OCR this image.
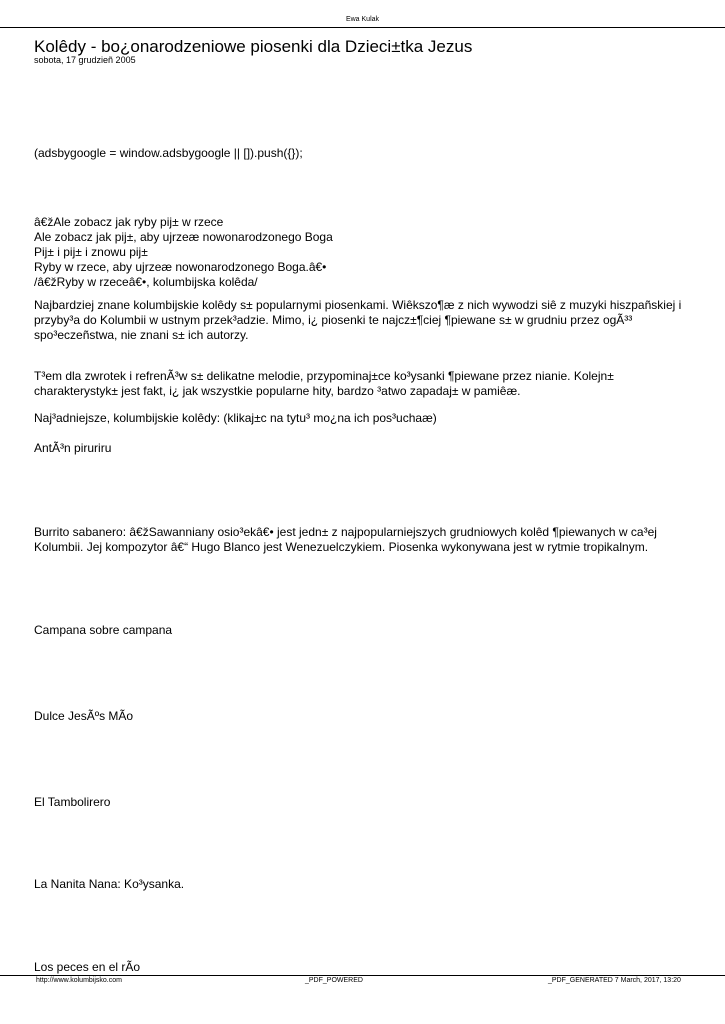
Ewa Kulak
Kolêdy - bo¿onarodzeniowe piosenki dla Dzieci±tka Jezus
sobota, 17 grudzieñ 2005
(adsbygoogle = window.adsbygoogle || []).push({});
â€žAle zobacz jak ryby pij± w rzece
Ale zobacz jak pij±, aby ujrzeæ nowonarodzonego Boga
Pij± i pij± i znowu pij±
Ryby w rzece, aby ujrzeæ nowonarodzonego Boga.â€•
/â€žRyby w rzeceâ€•, kolumbijska kolêda/
Najbardziej znane kolumbijskie kolêdy s± popularnymi piosenkami. Wiêkszo¶æ z nich wywodzi siê z muzyki hiszpañskiej i przyby³a do Kolumbii w ustnym przek³adzie. Mimo, i¿ piosenki te najcz±¶ciej ¶piewane s± w grudniu przez ogÃ³³ spo³eczeñstwa, nie znani s± ich autorzy.
T³em dla zwrotek i refrenÃ³w s± delikatne melodie, przypominaj±ce ko³ysanki ¶piewane przez nianie. Kolejn± charakterystyk± jest fakt, i¿ jak wszystkie popularne hity, bardzo ³atwo zapadaj± w pamiêæ.
Naj³adniejsze, kolumbijskie kolêdy: (klikaj±c na tytu³ mo¿na ich pos³uchaæ)
AntÃ³n piruriru
Burrito sabanero: â€žSawanniany osio³ekâ€• jest jedn± z najpopularniejszych grudniowych kolêd ¶piewanych w ca³ej Kolumbii. Jej kompozytor â€“ Hugo Blanco jest Wenezuelczykiem. Piosenka wykonywana jest w rytmie tropikalnym.
Campana sobre campana
Dulce JesÃºs MÃo
El Tambolirero
La Nanita Nana: Ko³ysanka.
Los peces en el rÃo
http://www.kolumbijsko.com	_PDF_POWERED	_PDF_GENERATED 7 March, 2017, 13:20
